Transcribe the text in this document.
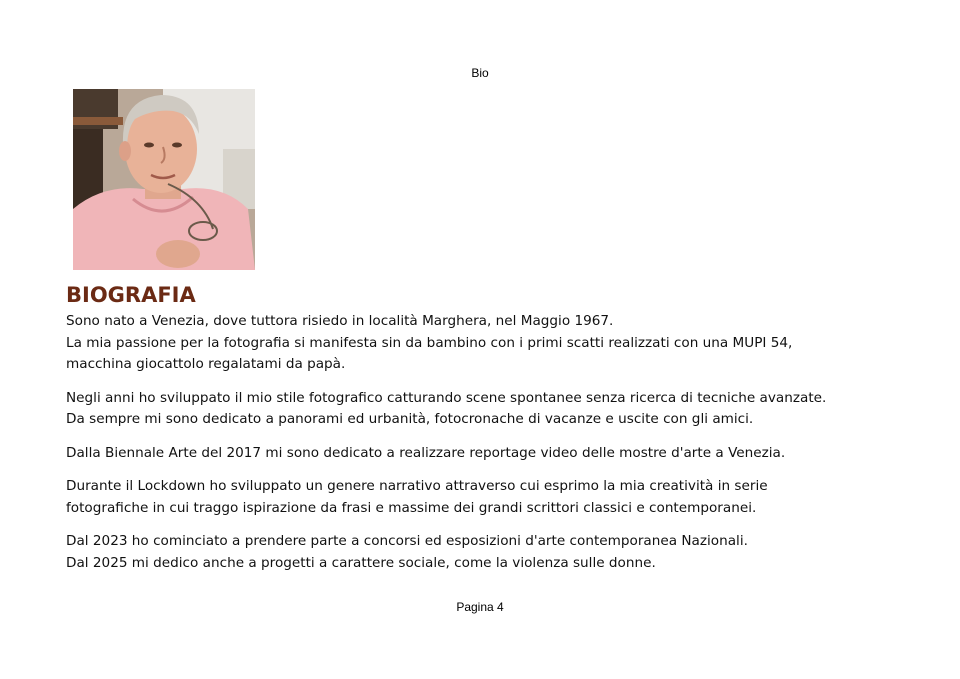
Bio
BIOGRAFIA

Sono nato a Venezia, dove tuttora risiedo in località Marghera, nel Maggio 1967.
La mia passione per la fotografia si manifesta sin da bambino con i primi scatti realizzati con una MUPI 54,
macchina giocattolo regalatami da papà.

Negli anni ho sviluppato il mio stile fotografico catturando scene spontanee senza ricerca di tecniche avanzate.
Da sempre mi sono dedicato a panorami ed urbanità, fotocronache di vacanze e uscite con gli amici.

Dalla Biennale Arte del 2017 mi sono dedicato a realizzare reportage video delle mostre d'arte a Venezia.

Durante il Lockdown ho sviluppato un genere narrativo attraverso cui esprimo la mia creatività in serie
fotografiche in cui traggo ispirazione da frasi e massime dei grandi scrittori classici e contemporanei.

Dal 2023 ho cominciato a prendere parte a concorsi ed esposizioni d'arte contemporanea Nazionali.
Dal 2025 mi dedico anche a progetti a carattere sociale, come la violenza sulle donne.

Pagina 4
